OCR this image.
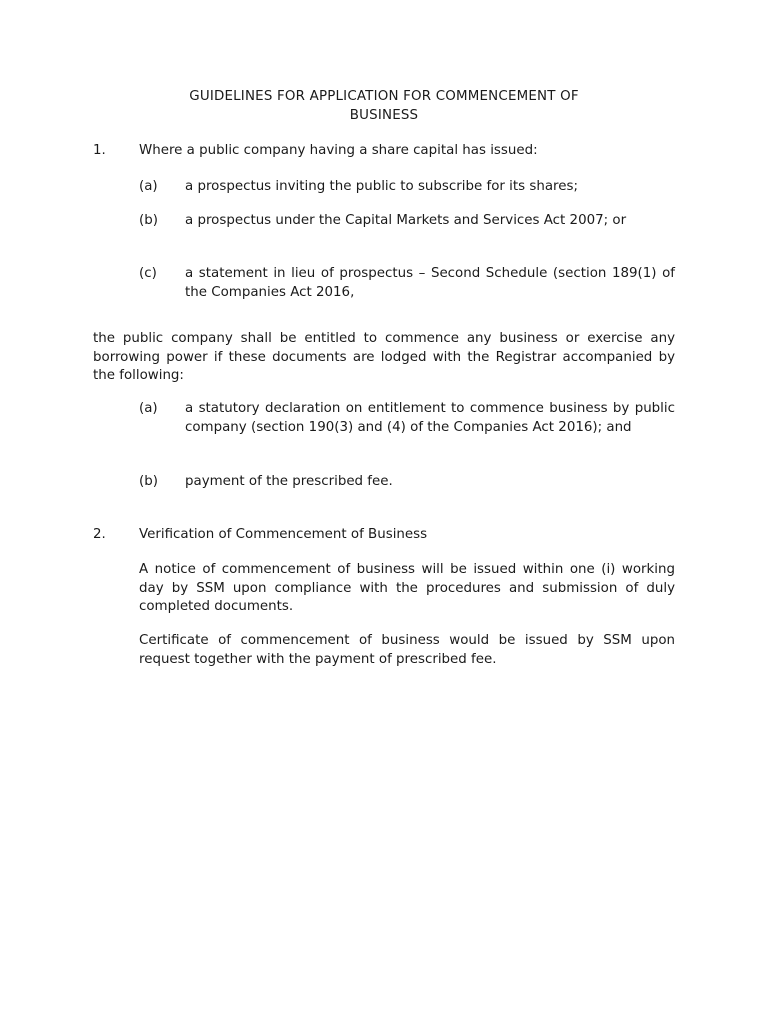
GUIDELINES FOR APPLICATION FOR COMMENCEMENT OF
BUSINESS
1. Where a public company having a share capital has issued:
(a) a prospectus inviting the public to subscribe for its shares;
(b) a prospectus under the Capital Markets and Services Act 2007; or
(c) a statement in lieu of prospectus – Second Schedule (section 189(1) of the Companies Act 2016,
the public company shall be entitled to commence any business or exercise any borrowing power if these documents are lodged with the Registrar accompanied by the following:
(a) a statutory declaration on entitlement to commence business by public company (section 190(3) and (4) of the Companies Act 2016); and
(b) payment of the prescribed fee.
2. Verification of Commencement of Business
A notice of commencement of business will be issued within one (i) working day by SSM upon compliance with the procedures and submission of duly completed documents.
Certificate of commencement of business would be issued by SSM upon request together with the payment of prescribed fee.
